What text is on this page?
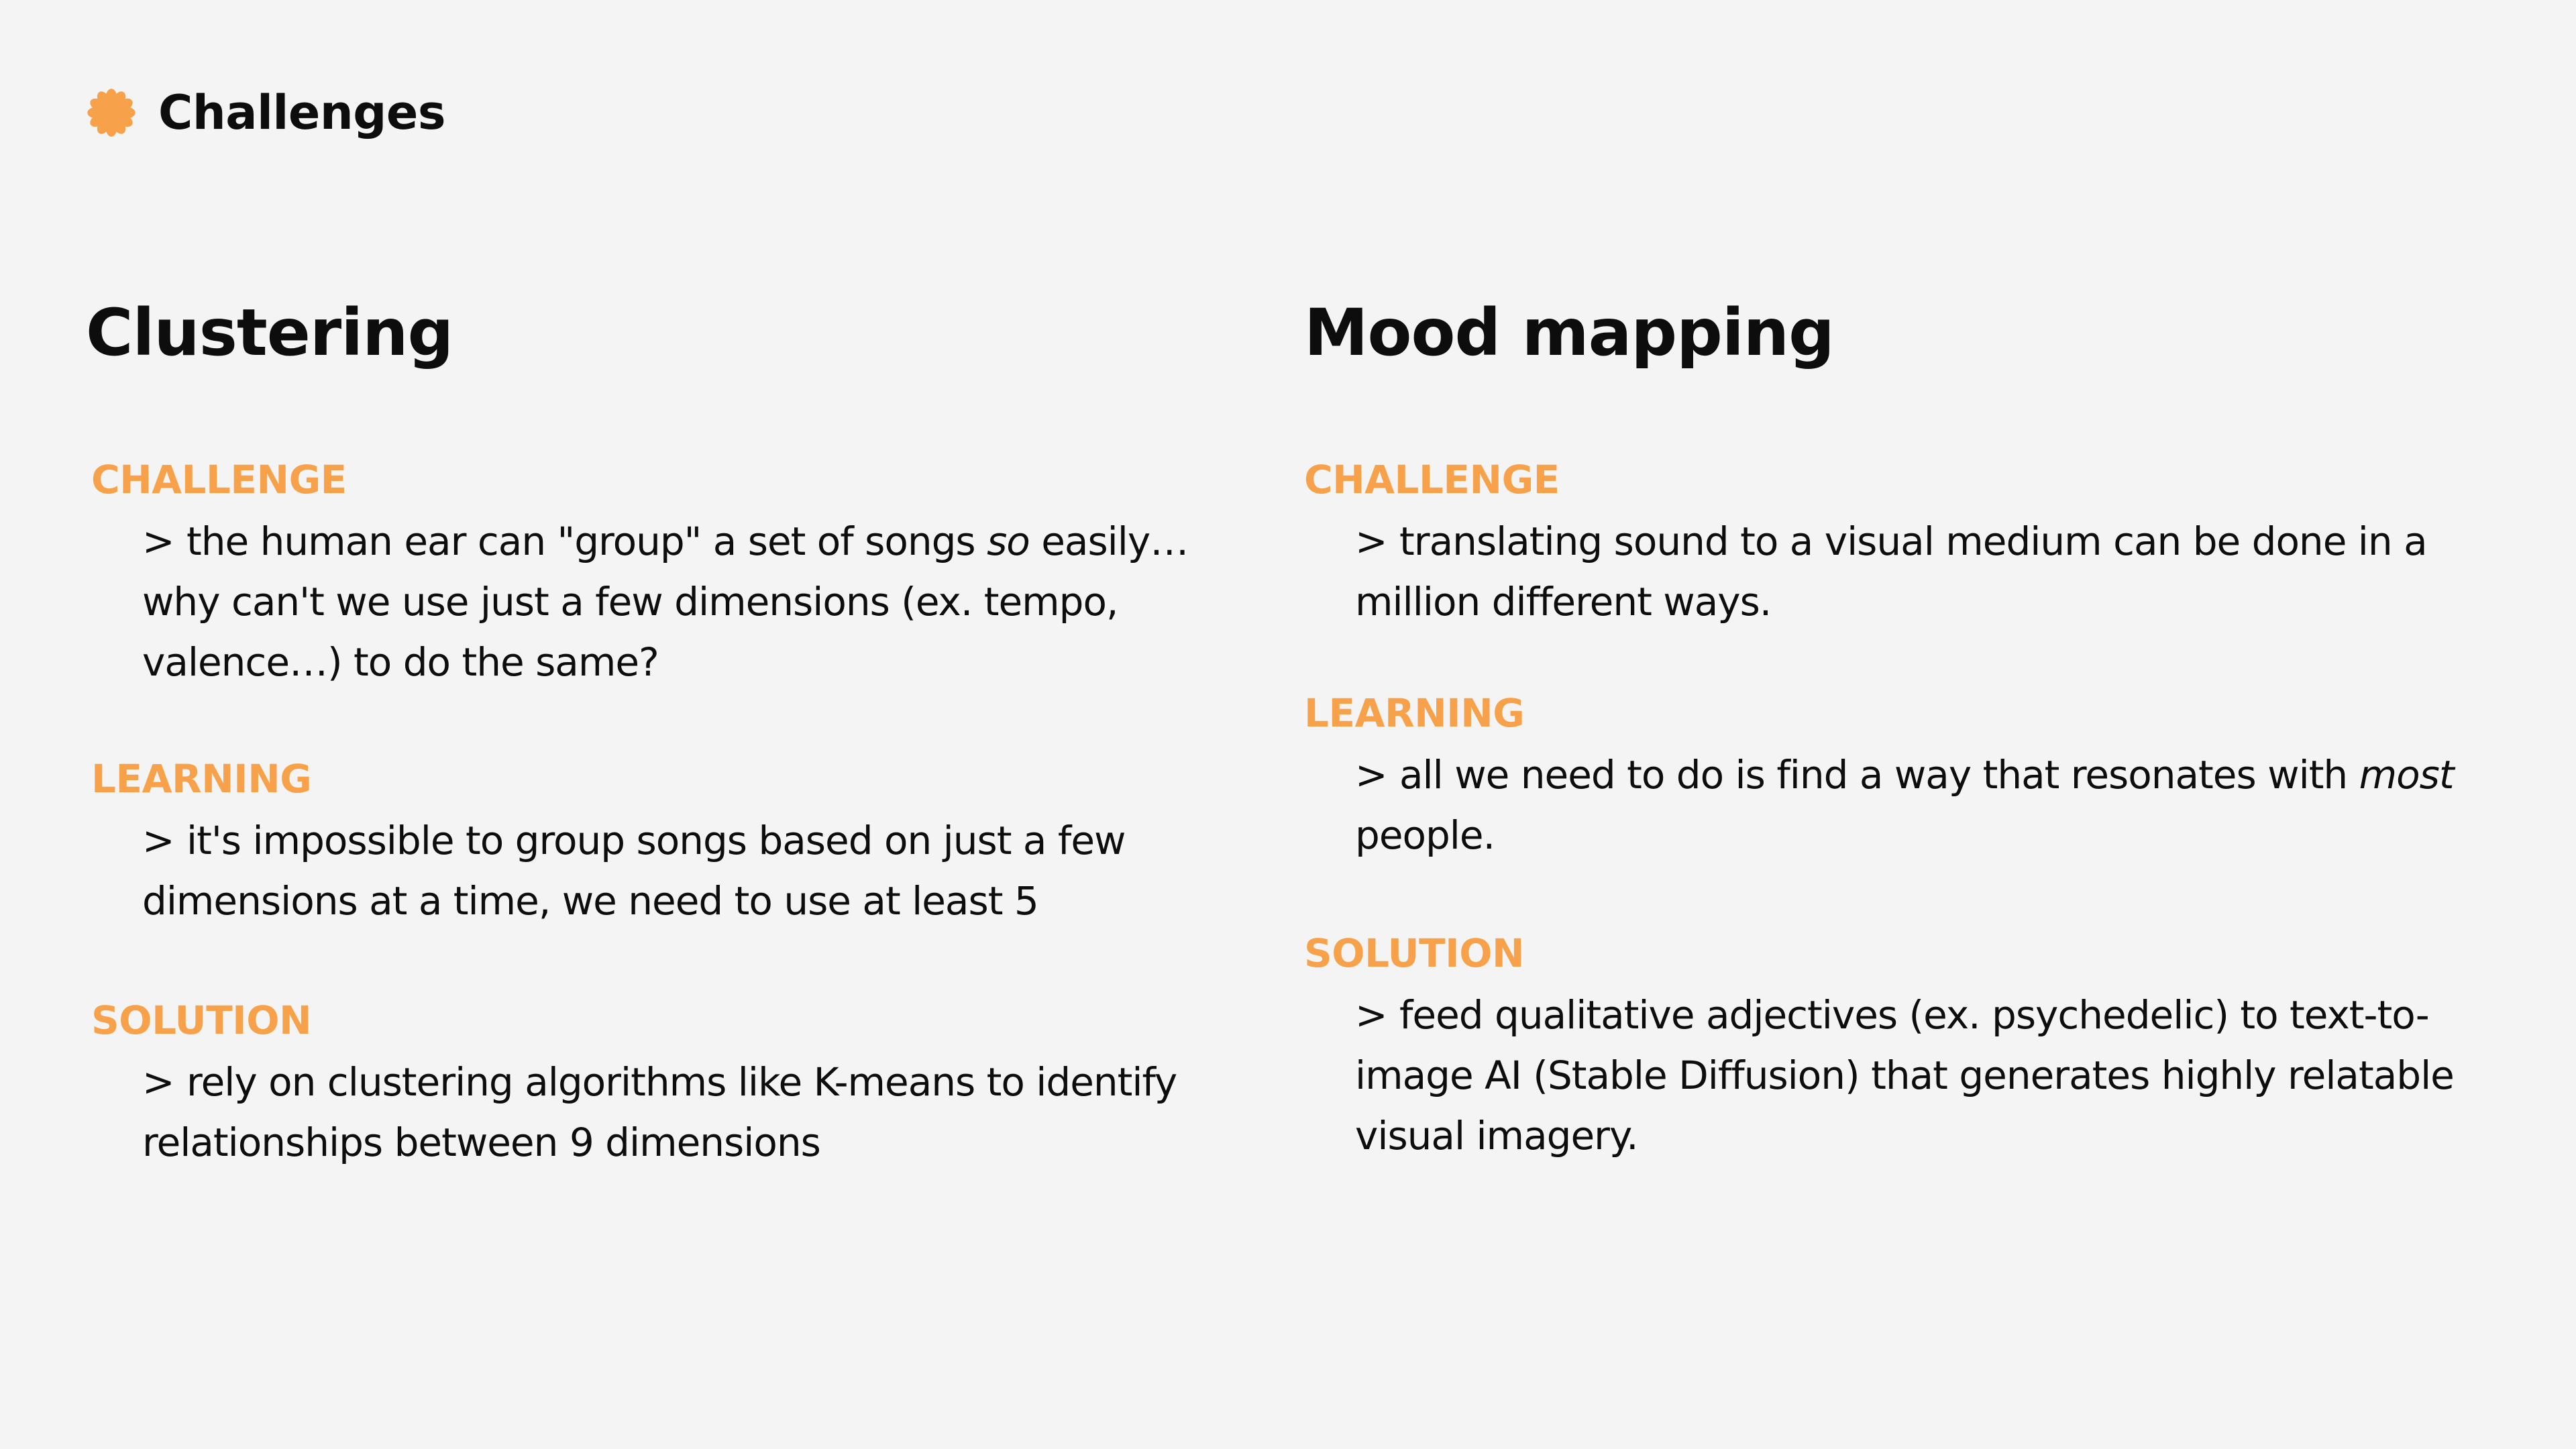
Challenges
Clustering
CHALLENGE

> the human ear can "group" a set of songs so easily… why can't we use just a few dimensions (ex. tempo, valence…) to do the same?

LEARNING

> it's impossible to group songs based on just a few dimensions at a time, we need to use at least 5

SOLUTION

> rely on clustering algorithms like K-means to identify relationships between 9 dimensions

Mood mapping
CHALLENGE

> translating sound to a visual medium can be done in a million different ways.

LEARNING

> all we need to do is find a way that resonates with most people.

SOLUTION

> feed qualitative adjectives (ex. psychedelic) to text-to-image AI (Stable Diffusion) that generates highly relatable visual imagery.
